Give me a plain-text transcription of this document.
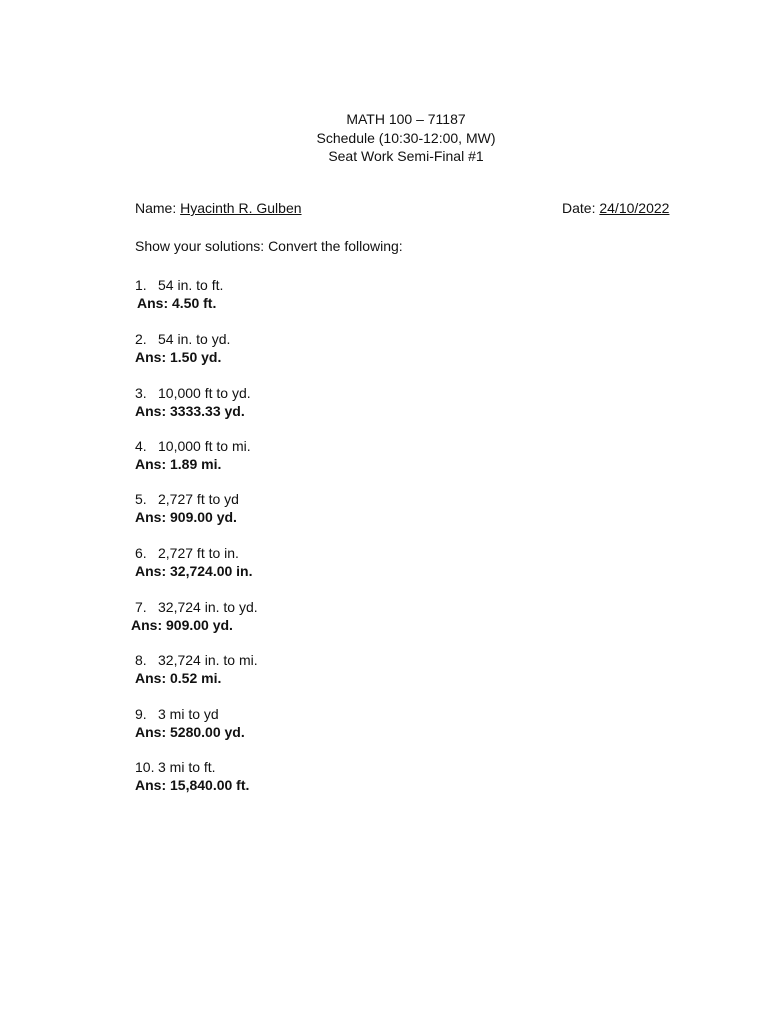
MATH 100 – 71187
Schedule (10:30-12:00, MW)
Seat Work Semi-Final #1
Name: Hyacinth R. Gulben	Date: 24/10/2022
Show your solutions: Convert the following:
1. 54 in. to ft.
Ans: 4.50 ft.
2. 54 in. to yd.
Ans: 1.50 yd.
3. 10,000 ft to yd.
Ans: 3333.33 yd.
4. 10,000 ft to mi.
Ans: 1.89 mi.
5. 2,727 ft to yd
Ans: 909.00 yd.
6. 2,727 ft to in.
Ans: 32,724.00 in.
7. 32,724 in. to yd.
Ans: 909.00 yd.
8. 32,724 in. to mi.
Ans: 0.52 mi.
9. 3 mi to yd
Ans: 5280.00 yd.
10. 3 mi to ft.
Ans: 15,840.00 ft.
